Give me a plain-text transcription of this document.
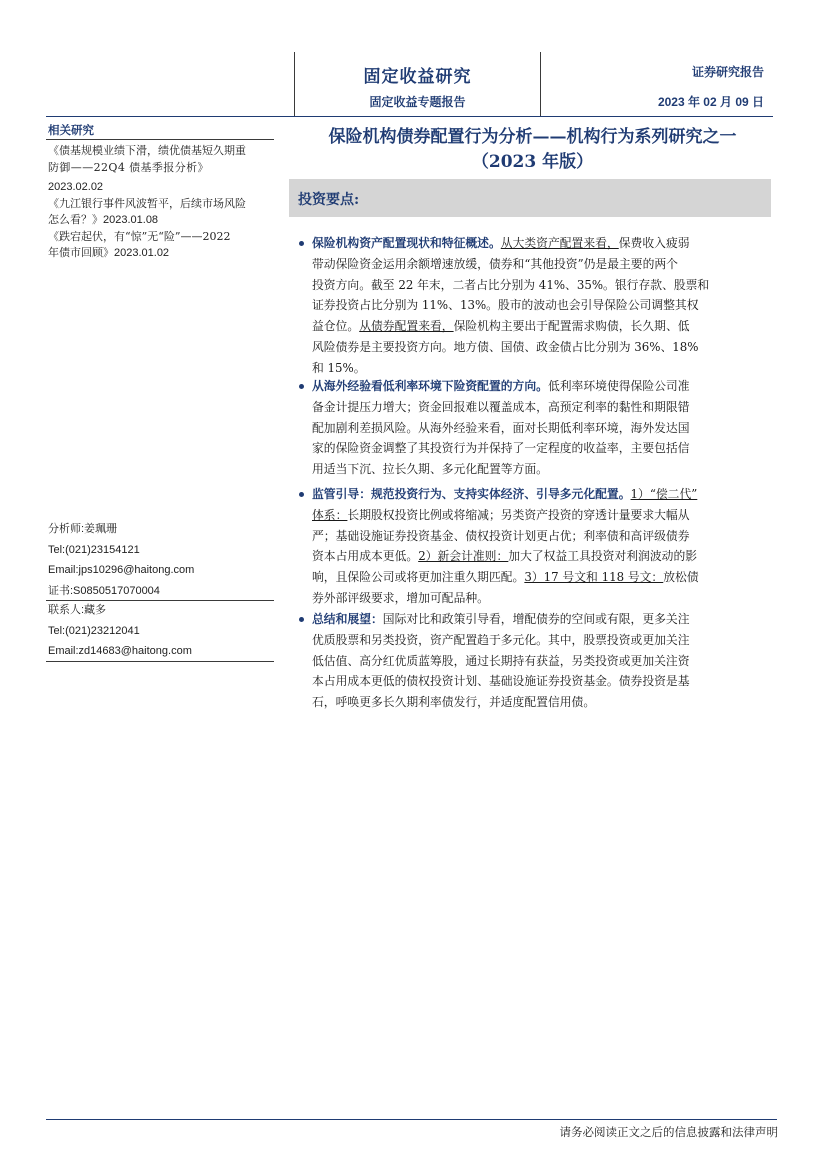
固定收益研究
固定收益专题报告
证券研究报告
2023 年 02 月 09 日
相关研究
《债基规模业绩下滑，绩优债基短久期重
防御——22Q4 债基季报分析》
2023.02.02
《九江银行事件风波暂平，后续市场风险
怎么看？》2023.01.08
《跌宕起伏，有“惊”无“险”——2022
年债市回顾》2023.01.02
分析师:姜珮珊
Tel:(021)23154121
Email:jps10296@haitong.com
证书:S0850517070004
联系人:藏多
Tel:(021)23212041
Email:zd14683@haitong.com
保险机构债券配置行为分析——机构行为系列研究之一
（2023 年版）
投资要点:
保险机构资产配置现状和特征概述。从大类资产配置来看，保费收入疲弱
带动保险资金运用余额增速放缓，债券和“其他投资”仍是最主要的两个
投资方向。截至 22 年末，二者占比分别为 41%、35%。银行存款、股票和
证券投资占比分别为 11%、13%。股市的波动也会引导保险公司调整其权
益仓位。从债券配置来看，保险机构主要出于配置需求购债，长久期、低
风险债券是主要投资方向。地方债、国债、政金债占比分别为 36%、18%
和 15%。
从海外经验看低利率环境下险资配置的方向。低利率环境使得保险公司准
备金计提压力增大；资金回报难以覆盖成本，高预定利率的黏性和期限错
配加剧利差损风险。从海外经验来看，面对长期低利率环境，海外发达国
家的保险资金调整了其投资行为并保持了一定程度的收益率，主要包括信
用适当下沉、拉长久期、多元化配置等方面。
监管引导：规范投资行为、支持实体经济、引导多元化配置。1）“偿二代”
体系：长期股权投资比例或将缩减；另类资产投资的穿透计量要求大幅从
严；基础设施证券投资基金、债权投资计划更占优；利率债和高评级债券
资本占用成本更低。2）新会计准则：加大了权益工具投资对利润波动的影
响，且保险公司或将更加注重久期匹配。3）17 号文和 118 号文：放松债
券外部评级要求，增加可配品种。
总结和展望：国际对比和政策引导看，增配债券的空间或有限，更多关注
优质股票和另类投资，资产配置趋于多元化。其中，股票投资或更加关注
低估值、高分红优质蓝筹股，通过长期持有获益，另类投资或更加关注资
本占用成本更低的债权投资计划、基础设施证券投资基金。债券投资是基
石，呼唤更多长久期利率债发行，并适度配置信用债。
请务必阅读正文之后的信息披露和法律声明
